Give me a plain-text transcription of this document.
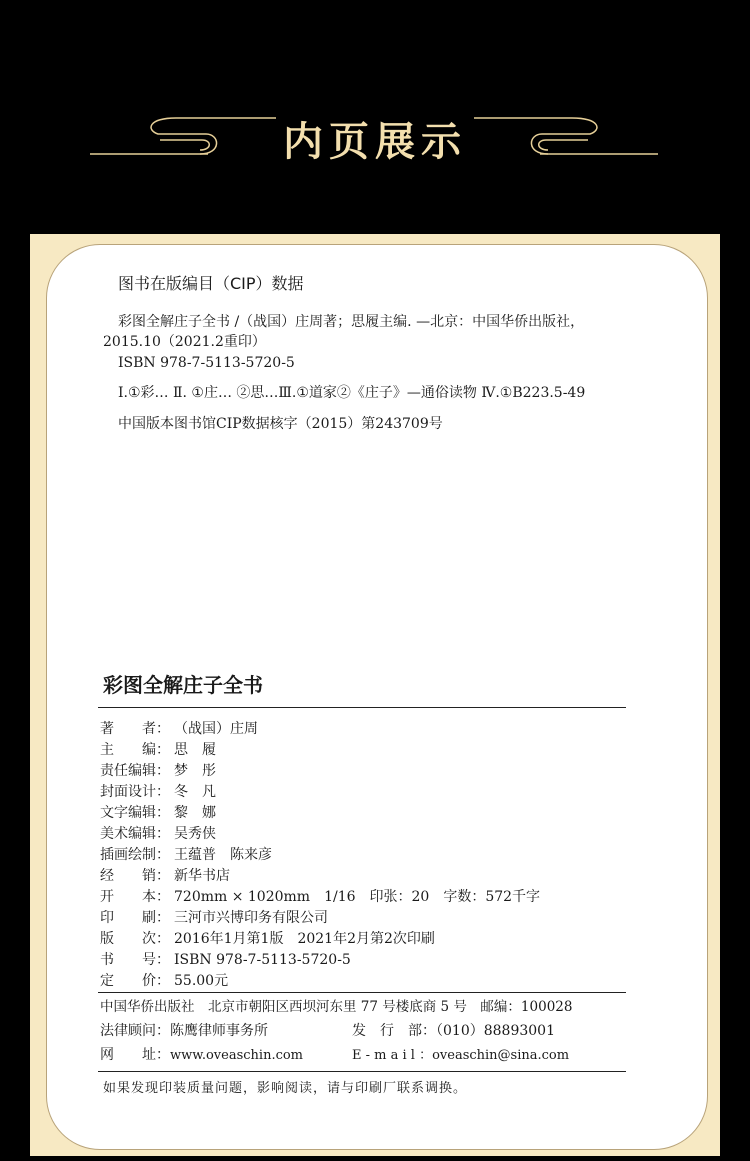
内页展示
图书在版编目（CIP）数据
彩图全解庄子全书 /（战国）庄周著；思履主编. —北京：中国华侨出版社，
2015.10（2021.2重印）
ISBN 978-7-5113-5720-5
Ⅰ.①彩… Ⅱ. ①庄… ②思…Ⅲ.①道家②《庄子》—通俗读物 Ⅳ.①B223.5-49
中国版本图书馆CIP数据核字（2015）第243709号
彩图全解庄子全书
著　　者： （战国）庄周
主　　编： 思　履
责任编辑： 梦　彤
封面设计： 冬　凡
文字编辑： 黎　娜
美术编辑： 吴秀侠
插画绘制： 王蕴普　陈来彦
经　　销： 新华书店
开　　本： 720mm × 1020mm　1/16　印张：20　字数：572千字
印　　刷： 三河市兴博印务有限公司
版　　次： 2016年1月第1版　2021年2月第2次印刷
书　　号： ISBN 978-7-5113-5720-5
定　　价： 55.00元
中国华侨出版社　北京市朝阳区西坝河东里 77 号楼底商 5 号　邮编：100028
法律顾问：陈鹰律师事务所	发　行　部：（010）88893001
网　　址：www.oveaschin.com	E - m a i l ：oveaschin@sina.com
如果发现印装质量问题，影响阅读，请与印刷厂联系调换。
